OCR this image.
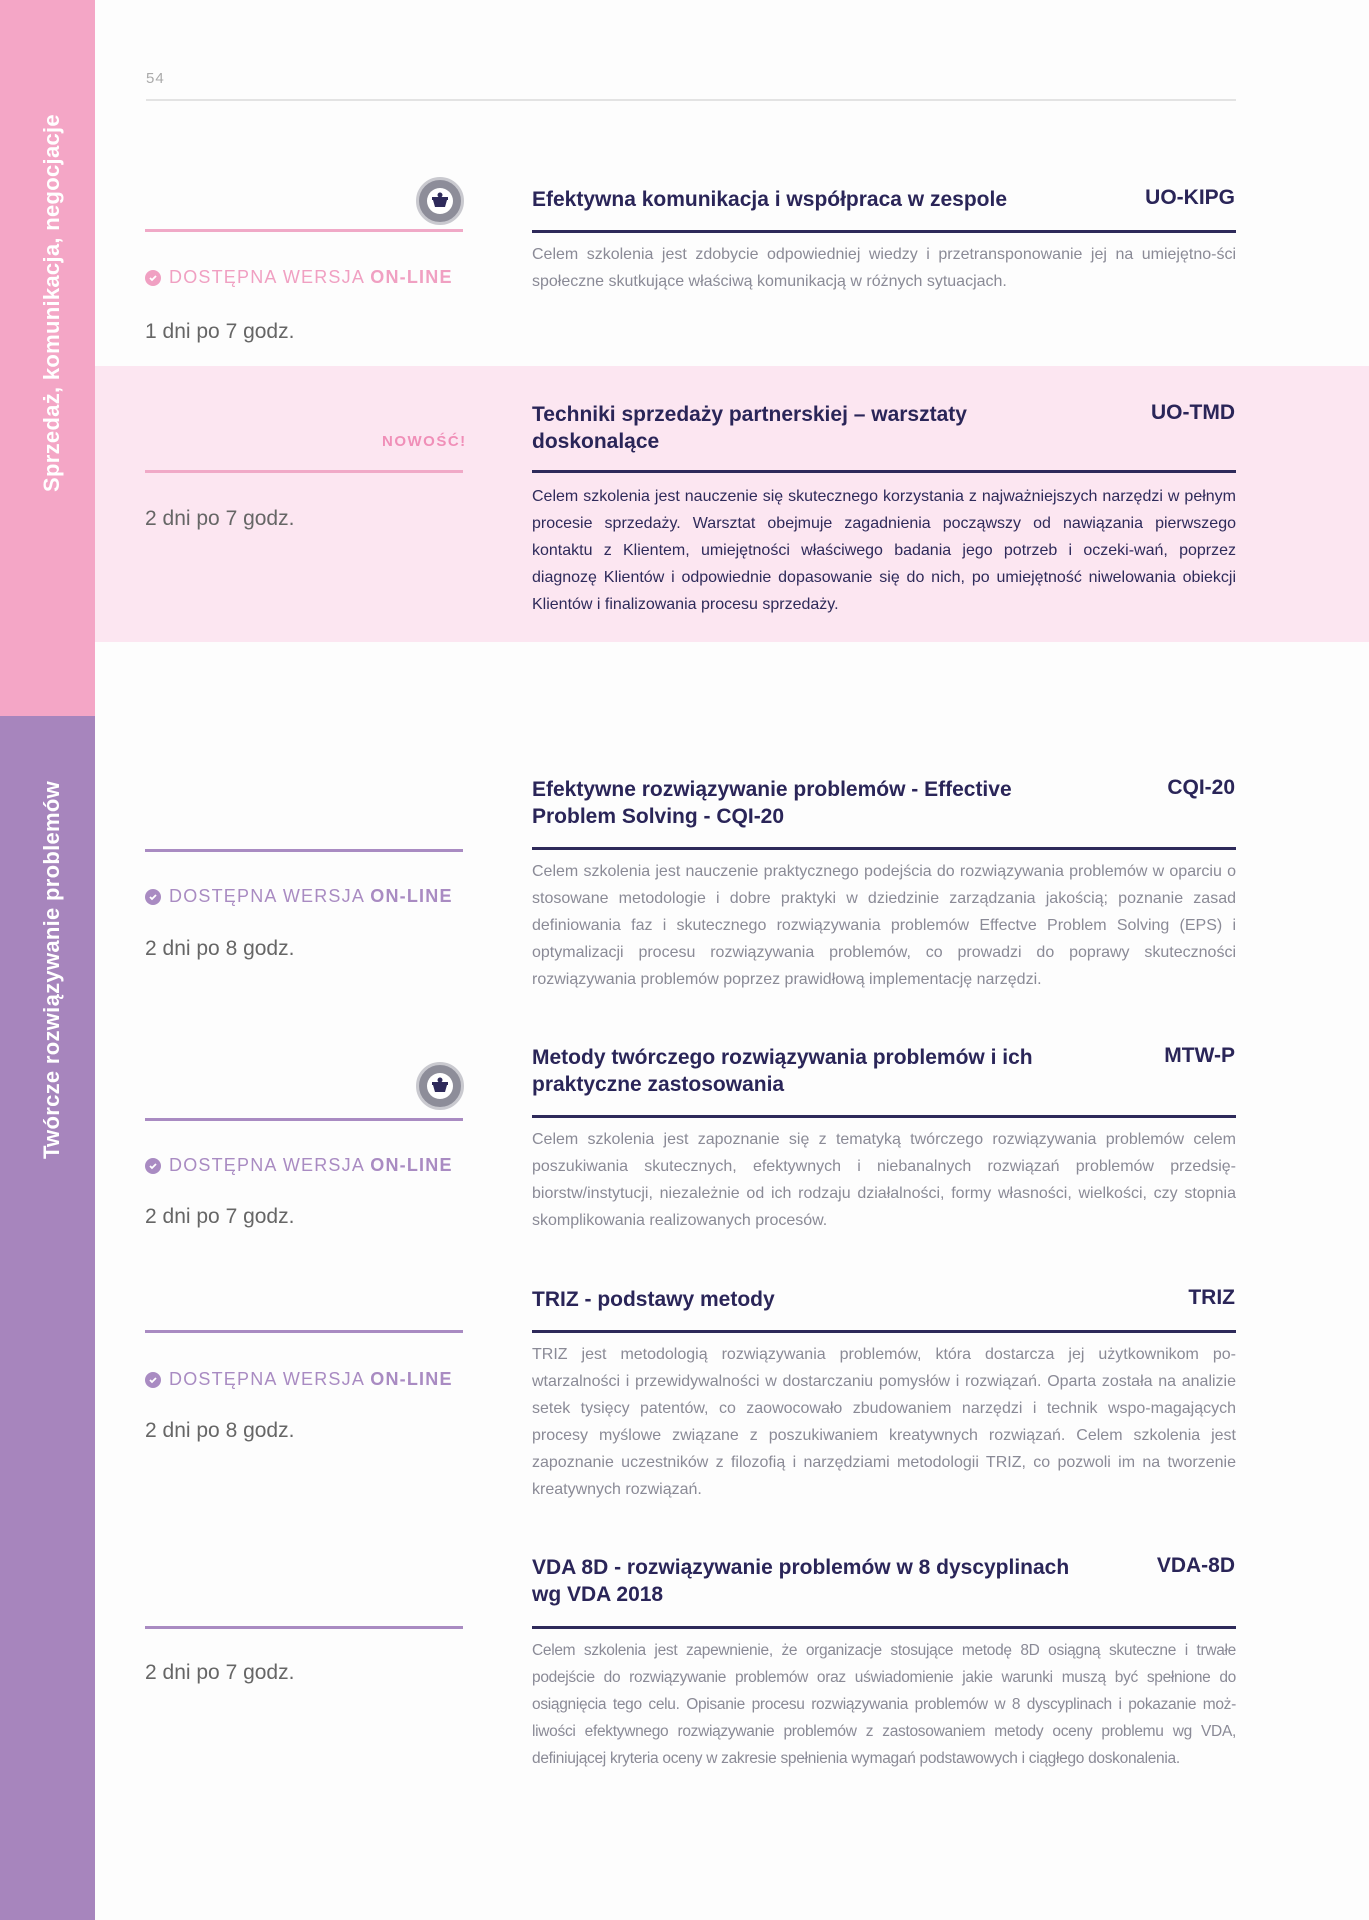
Sprzedaż, komunikacja, negocjacje
Twórcze rozwiązywanie problemów
54
DOSTĘPNA WERSJA ON-LINE
1 dni po 7 godz.
Efektywna komunikacja i współpraca w zespole	UO-KIPG
Celem szkolenia jest zdobycie odpowiedniej wiedzy i przetransponowanie jej na umiejętno-ści społeczne skutkujące właściwą komunikacją w różnych sytuacjach.
NOWOŚĆ!
2 dni po 7 godz.
Techniki sprzedaży partnerskiej – warsztaty doskonalące
UO-TMD
Celem szkolenia jest nauczenie się skutecznego korzystania z najważniejszych narzędzi w pełnym procesie sprzedaży. Warsztat obejmuje zagadnienia począwszy od nawiązania pierwszego kontaktu z Klientem, umiejętności właściwego badania jego potrzeb i oczeki-wań, poprzez diagnozę Klientów i odpowiednie dopasowanie się do nich, po umiejętność niwelowania obiekcji Klientów i finalizowania procesu sprzedaży.
DOSTĘPNA WERSJA ON-LINE
2 dni po 8 godz.
Efektywne rozwiązywanie problemów - Effective Problem Solving - CQI-20
CQI-20
Celem szkolenia jest nauczenie praktycznego podejścia do rozwiązywania problemów w oparciu o stosowane metodologie i dobre praktyki w dziedzinie zarządzania jakością; poznanie zasad definiowania faz i skutecznego rozwiązywania problemów Effectve Problem Solving (EPS) i optymalizacji procesu rozwiązywania problemów, co prowadzi do poprawy skuteczności rozwiązywania problemów poprzez prawidłową implementację narzędzi.
DOSTĘPNA WERSJA ON-LINE
2 dni po 7 godz.
Metody twórczego rozwiązywania problemów i ich praktyczne zastosowania
MTW-P
Celem szkolenia jest zapoznanie się z tematyką twórczego rozwiązywania problemów celem poszukiwania skutecznych, efektywnych i niebanalnych rozwiązań problemów przedsię-biorstw/instytucji, niezależnie od ich rodzaju działalności, formy własności, wielkości, czy stopnia skomplikowania realizowanych procesów.
DOSTĘPNA WERSJA ON-LINE
2 dni po 8 godz.
TRIZ - podstawy metody	TRIZ
TRIZ jest metodologią rozwiązywania problemów, która dostarcza jej użytkownikom po-wtarzalności i przewidywalności w dostarczaniu pomysłów i rozwiązań. Oparta została na analizie setek tysięcy patentów, co zaowocowało zbudowaniem narzędzi i technik wspo-magających procesy myślowe związane z poszukiwaniem kreatywnych rozwiązań. Celem szkolenia jest zapoznanie uczestników z filozofią i narzędziami metodologii TRIZ, co pozwoli im na tworzenie kreatywnych rozwiązań.
2 dni po 7 godz.
VDA 8D - rozwiązywanie problemów w 8 dyscyplinach wg VDA 2018
VDA-8D
Celem szkolenia jest zapewnienie, że organizacje stosujące metodę 8D osiągną skuteczne i trwałe podejście do rozwiązywanie problemów oraz uświadomienie jakie warunki muszą być spełnione do osiągnięcia tego celu. Opisanie procesu rozwiązywania problemów w 8 dyscyplinach i pokazanie moż-liwości efektywnego rozwiązywanie problemów z zastosowaniem metody oceny problemu wg VDA, definiującej kryteria oceny w zakresie spełnienia wymagań podstawowych i ciągłego doskonalenia.
